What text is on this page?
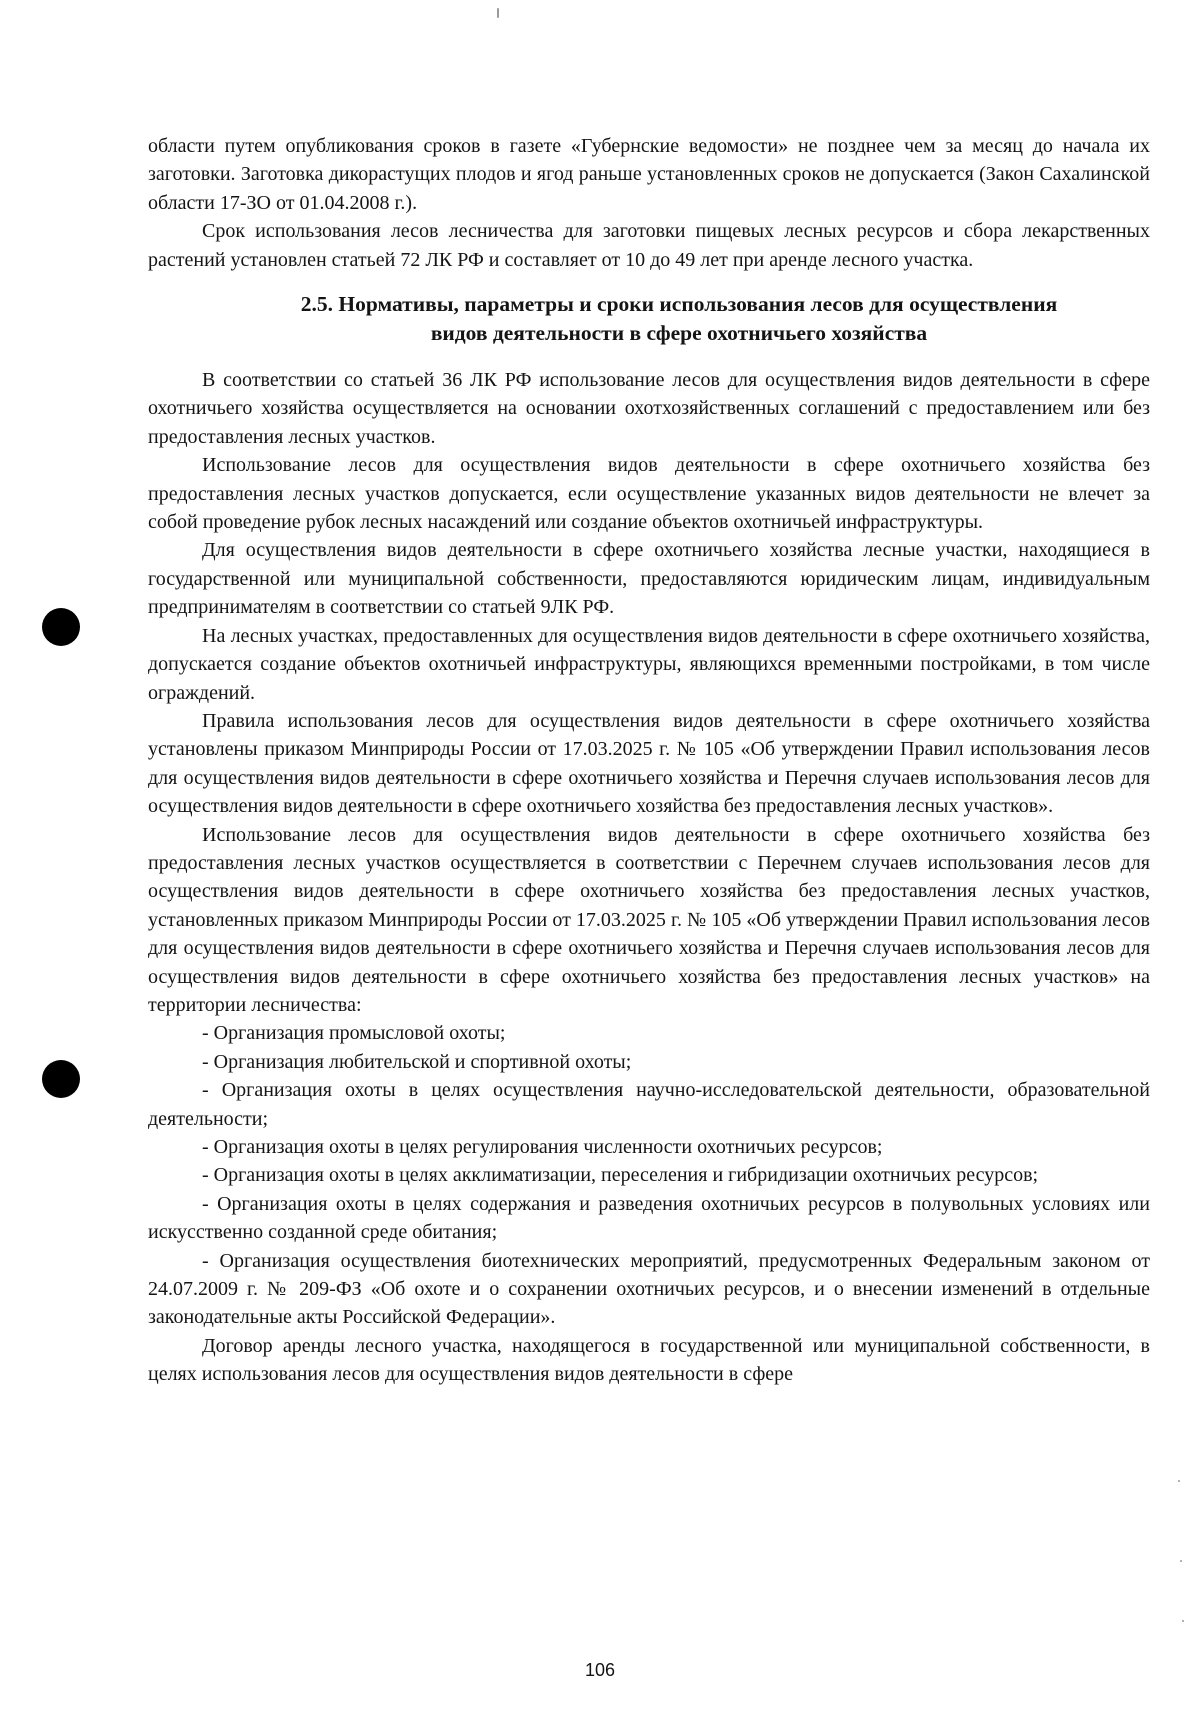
области путем опубликования сроков в газете «Губернские ведомости» не позднее чем за месяц до начала их заготовки. Заготовка дикорастущих плодов и ягод раньше установленных сроков не допускается (Закон Сахалинской области 17-ЗО от 01.04.2008 г.).

Срок использования лесов лесничества для заготовки пищевых лесных ресурсов и сбора лекарственных растений установлен статьей 72 ЛК РФ и составляет от 10 до 49 лет при аренде лесного участка.

2.5. Нормативы, параметры и сроки использования лесов для осуществления
видов деятельности в сфере охотничьего хозяйства

В соответствии со статьей 36 ЛК РФ использование лесов для осуществления видов деятельности в сфере охотничьего хозяйства осуществляется на основании охотхозяйственных соглашений с предоставлением или без предоставления лесных участков.

Использование лесов для осуществления видов деятельности в сфере охотничьего хозяйства без предоставления лесных участков допускается, если осуществление указанных видов деятельности не влечет за собой проведение рубок лесных насаждений или создание объектов охотничьей инфраструктуры.

Для осуществления видов деятельности в сфере охотничьего хозяйства лесные участки, находящиеся в государственной или муниципальной собственности, предоставляются юридическим лицам, индивидуальным предпринимателям в соответствии со статьей 9ЛК РФ.

На лесных участках, предоставленных для осуществления видов деятельности в сфере охотничьего хозяйства, допускается создание объектов охотничьей инфраструктуры, являющихся временными постройками, в том числе ограждений.

Правила использования лесов для осуществления видов деятельности в сфере охотничьего хозяйства установлены приказом Минприроды России от 17.03.2025 г. № 105 «Об утверждении Правил использования лесов для осуществления видов деятельности в сфере охотничьего хозяйства и Перечня случаев использования лесов для осуществления видов деятельности в сфере охотничьего хозяйства без предоставления лесных участков».

Использование лесов для осуществления видов деятельности в сфере охотничьего хозяйства без предоставления лесных участков осуществляется в соответствии с Перечнем случаев использования лесов для осуществления видов деятельности в сфере охотничьего хозяйства без предоставления лесных участков, установленных приказом Минприроды России от 17.03.2025 г. № 105 «Об утверждении Правил использования лесов для осуществления видов деятельности в сфере охотничьего хозяйства и Перечня случаев использования лесов для осуществления видов деятельности в сфере охотничьего хозяйства без предоставления лесных участков» на территории лесничества:

- Организация промысловой охоты;

- Организация любительской и спортивной охоты;

- Организация охоты в целях осуществления научно-исследовательской деятельности, образовательной деятельности;

- Организация охоты в целях регулирования численности охотничьих ресурсов;

- Организация охоты в целях акклиматизации, переселения и гибридизации охотничьих ресурсов;

- Организация охоты в целях содержания и разведения охотничьих ресурсов в полувольных условиях или искусственно созданной среде обитания;

- Организация осуществления биотехнических мероприятий, предусмотренных Федеральным законом от 24.07.2009 г. № 209-ФЗ «Об охоте и о сохранении охотничьих ресурсов, и о внесении изменений в отдельные законодательные акты Российской Федерации».

Договор аренды лесного участка, находящегося в государственной или муниципальной собственности, в целях использования лесов для осуществления видов деятельности в сфере

106
